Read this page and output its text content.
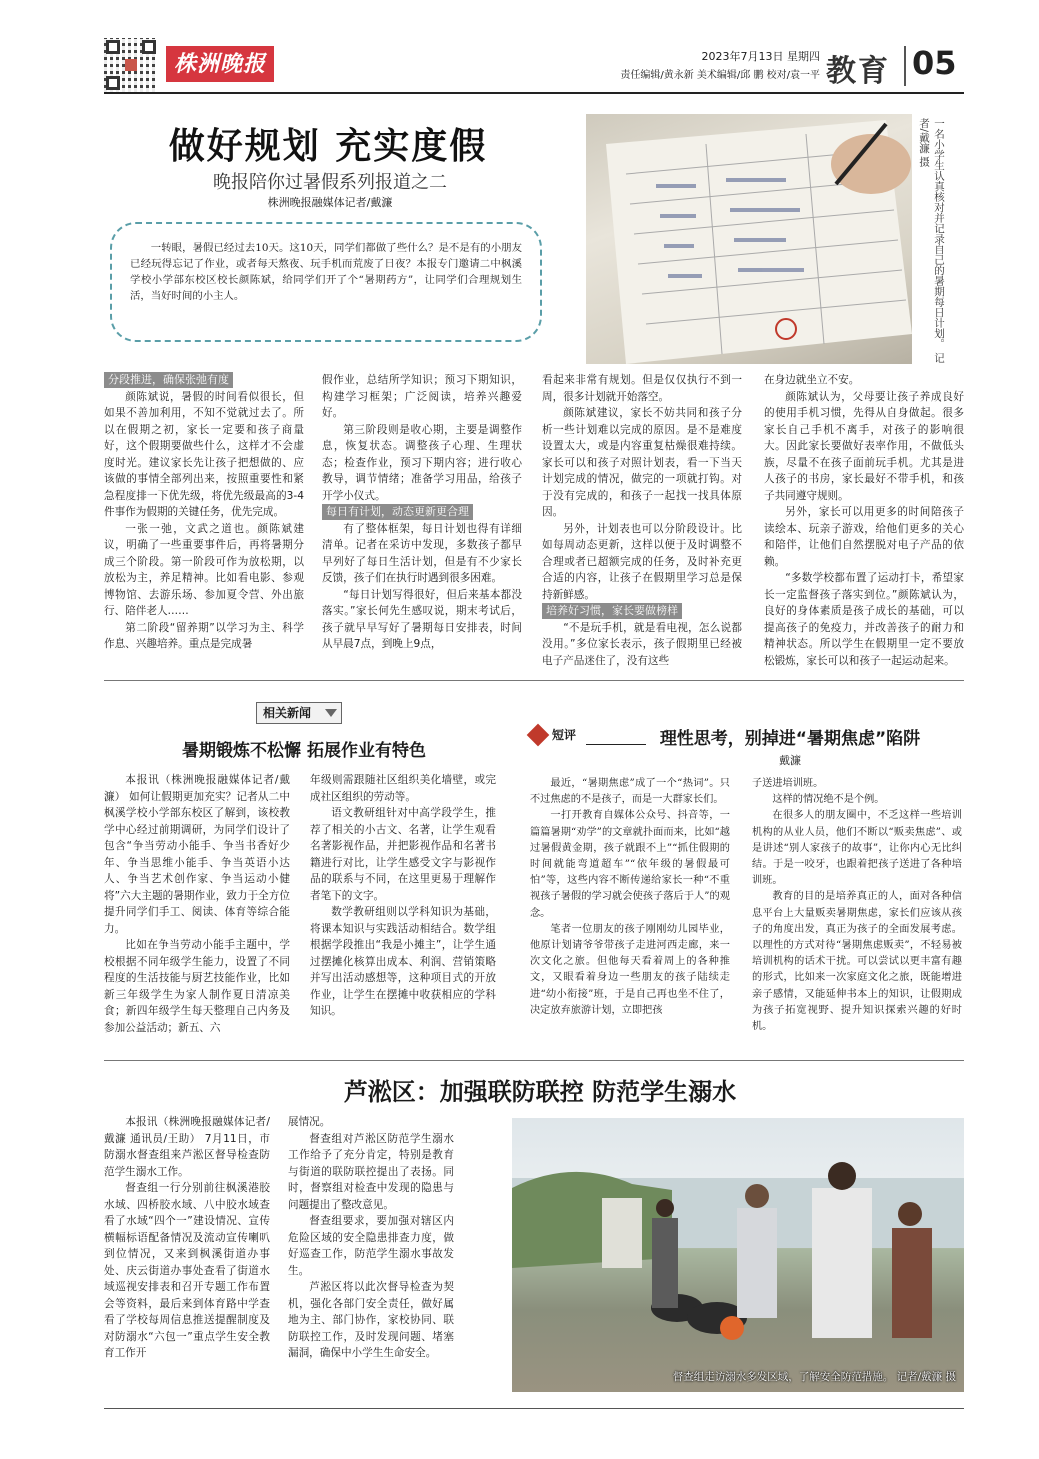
株洲晚报	2023年7月13日 星期四
责任编辑/黄永新 美术编辑/邱 鹏 校对/袁一平 教育 05
做好规划 充实度假
晚报陪你过暑假系列报道之二
株洲晚报融媒体记者/戴濂

一转眼，暑假已经过去10天。这10天，同学们都做了些什么？是不是有的小朋友已经玩得忘记了作业，或者每天熬夜、玩手机而荒废了日夜？本报专门邀请二中枫溪学校小学部东校区校长颜陈斌，给同学们开了个“暑期药方”，让同学们合理规划生活，当好时间的小主人。	一名小学生认真核对并记录自己的暑期每日计划。 记者/戴濂 摄
分段推进，确保张弛有度

颜陈斌说，暑假的时间看似很长，但如果不善加利用，不知不觉就过去了。所以在假期之初，家长一定要和孩子商量好，这个假期要做些什么，这样才不会虚度时光。建议家长先让孩子把想做的、应该做的事情全部列出来，按照重要性和紧急程度排一下优先级，将优先级最高的3-4件事作为假期的关键任务，优先完成。

一张一弛，文武之道也。颜陈斌建议，明确了一些重要事件后，再将暑期分成三个阶段。第一阶段可作为放松期，以放松为主，养足精神。比如看电影、参观博物馆、去游乐场、参加夏令营、外出旅行、陪伴老人……

第二阶段“留养期”以学习为主、科学作息、兴趣培养。重点是完成暑

假作业，总结所学知识；预习下期知识，构建学习框架；广泛阅读，培养兴趣爱好。

第三阶段则是收心期，主要是调整作息，恢复状态。调整孩子心理、生理状态；检查作业，预习下期内容；进行收心教导，调节情绪；准备学习用品，给孩子开学小仪式。

每日有计划，动态更新更合理

有了整体框架，每日计划也得有详细清单。记者在采访中发现，多数孩子都早早列好了每日生活计划，但是有不少家长反馈，孩子们在执行时遇到很多困难。

“每日计划写得很好，但后来基本都没落实。”家长何先生感叹说，期末考试后，孩子就早早写好了暑期每日安排表，时间从早晨7点，到晚上9点，

看起来非常有规划。但是仅仅执行不到一周，很多计划就开始落空。

颜陈斌建议，家长不妨共同和孩子分析一些计划难以完成的原因。是不是难度设置太大，或是内容重复枯燥很难持续。家长可以和孩子对照计划表，看一下当天计划完成的情况，做完的一项就打钩。对于没有完成的，和孩子一起找一找具体原因。

另外，计划表也可以分阶段设计。比如每周动态更新，这样以便于及时调整不合理或者已超额完成的任务，及时补充更合适的内容，让孩子在假期里学习总是保持新鲜感。

培养好习惯，家长要做榜样

“不是玩手机，就是看电视，怎么说都没用。”多位家长表示，孩子假期里已经被电子产品迷住了，没有这些

在身边就坐立不安。

颜陈斌认为，父母要让孩子养成良好的使用手机习惯，先得从自身做起。很多家长自己手机不离手，对孩子的影响很大。因此家长要做好表率作用，不做低头族，尽量不在孩子面前玩手机。尤其是进人孩子的书房，家长最好不带手机，和孩子共同遵守规则。

另外，家长可以用更多的时间陪孩子读绘本、玩亲子游戏，给他们更多的关心和陪伴，让他们自然摆脱对电子产品的依赖。

“多数学校都布置了运动打卡，希望家长一定监督孩子落实到位。”颜陈斌认为，良好的身体素质是孩子成长的基础，可以提高孩子的免疫力，并改善孩子的耐力和精神状态。所以学生在假期里一定不要放松锻炼，家长可以和孩子一起运动起来。

相关新闻
暑期锻炼不松懈 拓展作业有特色

本报讯（株洲晚报融媒体记者/戴濂） 如何让假期更加充实？记者从二中枫溪学校小学部东校区了解到，该校教学中心经过前期调研，为同学们设计了包含“争当劳动小能手、争当书香好少年、争当思维小能手、争当英语小达人、争当艺术创作家、争当运动小健将”六大主题的暑期作业，致力于全方位提升同学们手工、阅读、体育等综合能力。

比如在争当劳动小能手主题中，学校根据不同年级学生能力，设置了不同程度的生活技能与厨艺技能作业，比如新三年级学生为家人制作夏日清凉美食；新四年级学生每天整理自己内务及参加公益活动；新五、六

年级则需跟随社区组织美化墙壁，或完成社区组织的劳动等。

语文教研组针对中高学段学生，推荐了相关的小古文、名著，让学生观看名著影视作品，并把影视作品和名著书籍进行对比，让学生感受文字与影视作品的联系与不同，在这里更易于理解作者笔下的文字。

数学教研组则以学科知识为基础，将课本知识与实践活动相结合。数学组根据学段推出“我是小摊主”，让学生通过摆摊化核算出成本、利润、营销策略并写出活动感想等，这种项目式的开放作业，让学生在摆摊中收获相应的学科知识。

短评	理性思考，别掉进“暑期焦虑”陷阱
戴濂

最近，“暑期焦虑”成了一个“热词”。只不过焦虑的不是孩子，而是一大群家长们。

一打开教育自媒体公众号、抖音等，一篇篇暑期“劝学”的文章就扑面而来，比如“越过暑假黄金期，孩子就跟不上”“抓住假期的时间就能弯道超车”“依年级的暑假最可怕”等，这些内容不断传递给家长一种“不重视孩子暑假的学习就会使孩子落后于人”的观念。

笔者一位朋友的孩子刚刚幼儿园毕业，他原计划请爷爷带孩子走进河西走廊，来一次文化之旅。但他每天看着周上的各种推文，又眼看着身边一些朋友的孩子陆续走进“幼小衔接”班，于是自己再也坐不住了，决定放弃旅游计划，立即把孩

子送进培训班。

这样的情况绝不是个例。

在很多人的朋友圈中，不乏这样一些培训机构的从业人员，他们不断以“贩卖焦虑”、或是讲述“别人家孩子的故事”，让你内心无比纠结。于是一咬牙，也跟着把孩子送进了各种培训班。

教育的目的是培养真正的人，面对各种信息平台上大量贩卖暑期焦虑，家长们应该从孩子的角度出发，真正为孩子的全面发展考虑。以理性的方式对待“暑期焦虑贩卖”，不轻易被培训机构的话术干扰。可以尝试以更丰富有趣的形式，比如来一次家庭文化之旅，既能增进亲子感情，又能延伸书本上的知识，让假期成为孩子拓宽视野、提升知识探索兴趣的好时机。

芦淞区：加强联防联控 防范学生溺水

本报讯（株洲晚报融媒体记者/戴濂 通讯员/王助） 7月11日，市防溺水督查组来芦淞区督导检查防范学生溺水工作。

督查组一行分别前往枫溪港胶水域、四桥胶水域、八中胶水域查看了水域“四个一”建设情况、宣传横幅标语配备情况及流动宣传喇叭到位情况，又来到枫溪街道办事处、庆云街道办事处查看了街道水域巡视安排表和召开专题工作布置会等资料，最后来到体育路中学查看了学校每周信息推送提醒制度及对防溺水“六包一”重点学生安全教育工作开

展情况。

督查组对芦淞区防范学生溺水工作给予了充分肯定，特别是教育与街道的联防联控提出了表扬。同时，督察组对检查中发现的隐患与问题提出了整改意见。

督查组要求，要加强对辖区内危险区域的安全隐患排查力度，做好巡查工作，防范学生溺水事故发生。

芦淞区将以此次督导检查为契机，强化各部门安全责任，做好属地为主、部门协作，家校协同、联防联控工作，及时发现问题、堵塞漏洞，确保中小学生生命安全。

督查组走访溺水多发区域，了解安全防范措施。 记者/戴濂 摄
